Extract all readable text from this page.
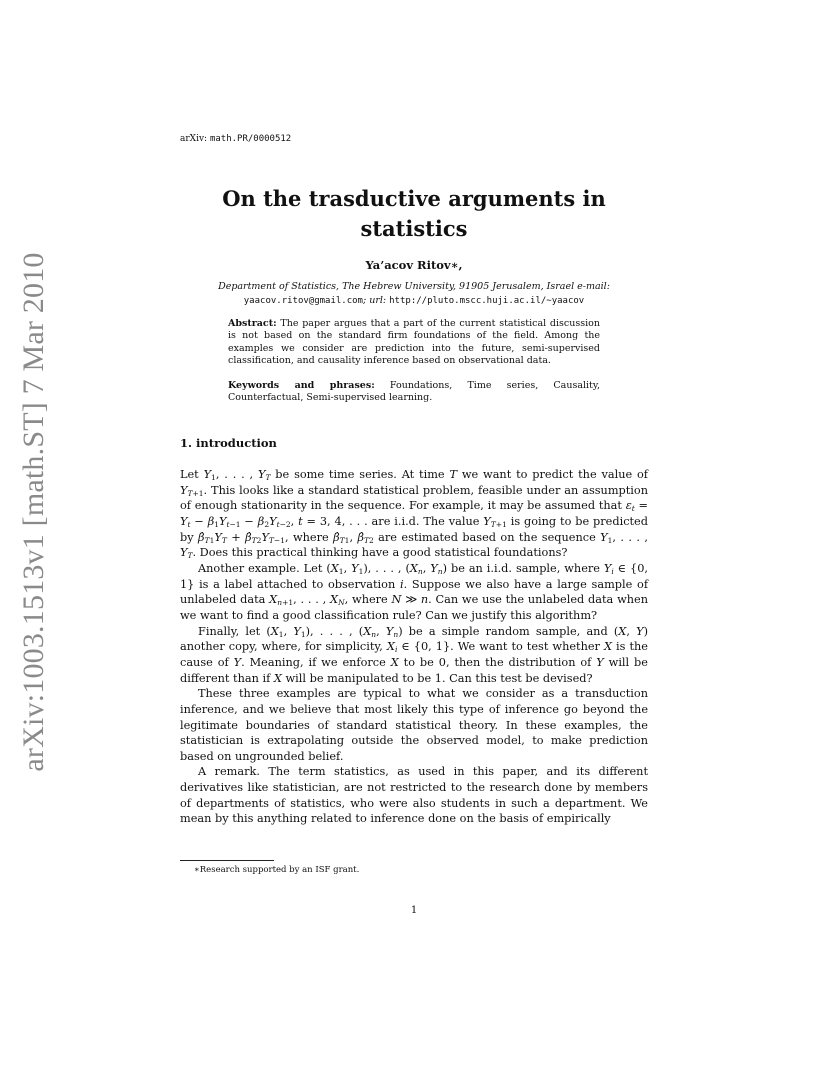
arXiv:1003.1513v1 [math.ST] 7 Mar 2010
arXiv: math.PR/0000512
On the trasductive arguments in statistics
Ya’acov Ritov∗,
Department of Statistics, The Hebrew University, 91905 Jerusalem, Israel e-mail:
yaacov.ritov@gmail.com; url: http://pluto.mscc.huji.ac.il/∼yaacov

Abstract: The paper argues that a part of the current statistical discussion is not based on the standard firm foundations of the field. Among the examples we consider are prediction into the future, semi-supervised classification, and causality inference based on observational data.

Keywords and phrases: Foundations, Time series, Causality, Counterfactual, Semi-supervised learning.

1. introduction

Let $Y_1$, . . . , $Y_T$ be some time series. At time T we want to predict the value of $Y_{T+1}$. This looks like a standard statistical problem, feasible under an assumption of enough stationarity in the sequence. For example, it may be assumed that $\varepsilon_t = Y_t - \beta_1Y_{t-1} - \beta_2Y_{t-2}$, t = 3, 4, . . . are i.i.d. The value $Y_{T+1}$ is going to be predicted by $\betâ_{T1}Y_T$ + $\betâ_{T2}Y_{T-1}$, where $\betâ_{T1}$, $\betâ_{T2}$ are estimated based on the sequence $Y_1$, . . . , $Y_T$. Does this practical thinking have a good statistical foundations?

Another example. Let ($X_1$, $Y_1$), . . . , ($X_n$, $Y_n$) be an i.i.d. sample, where $Y_i$ ∈ {0, 1} is a label attached to observation i. Suppose we also have a large sample of unlabeled data $X_{n+1}$, . . . , $X_N$, where N ≫ n. Can we use the unlabeled data when we want to find a good classification rule? Can we justify this algorithm?

Finally, let ($X_1$, $Y_1$), . . . , ($X_n$, $Y_n$) be a simple random sample, and (X, Y) another copy, where, for simplicity, $X_i$ ∈ {0, 1}. We want to test whether X is the cause of Y. Meaning, if we enforce X to be 0, then the distribution of Y will be different than if X will be manipulated to be 1. Can this test be devised?

These three examples are typical to what we consider as a transduction inference, and we believe that most likely this type of inference go beyond the legitimate boundaries of standard statistical theory. In these examples, the statistician is extrapolating outside the observed model, to make prediction based on ungrounded belief.

A remark. The term statistics, as used in this paper, and its different derivatives like statistician, are not restricted to the research done by members of departments of statistics, who were also students in such a department. We mean by this anything related to inference done on the basis of empirically

∗Research supported by an ISF grant.
1
